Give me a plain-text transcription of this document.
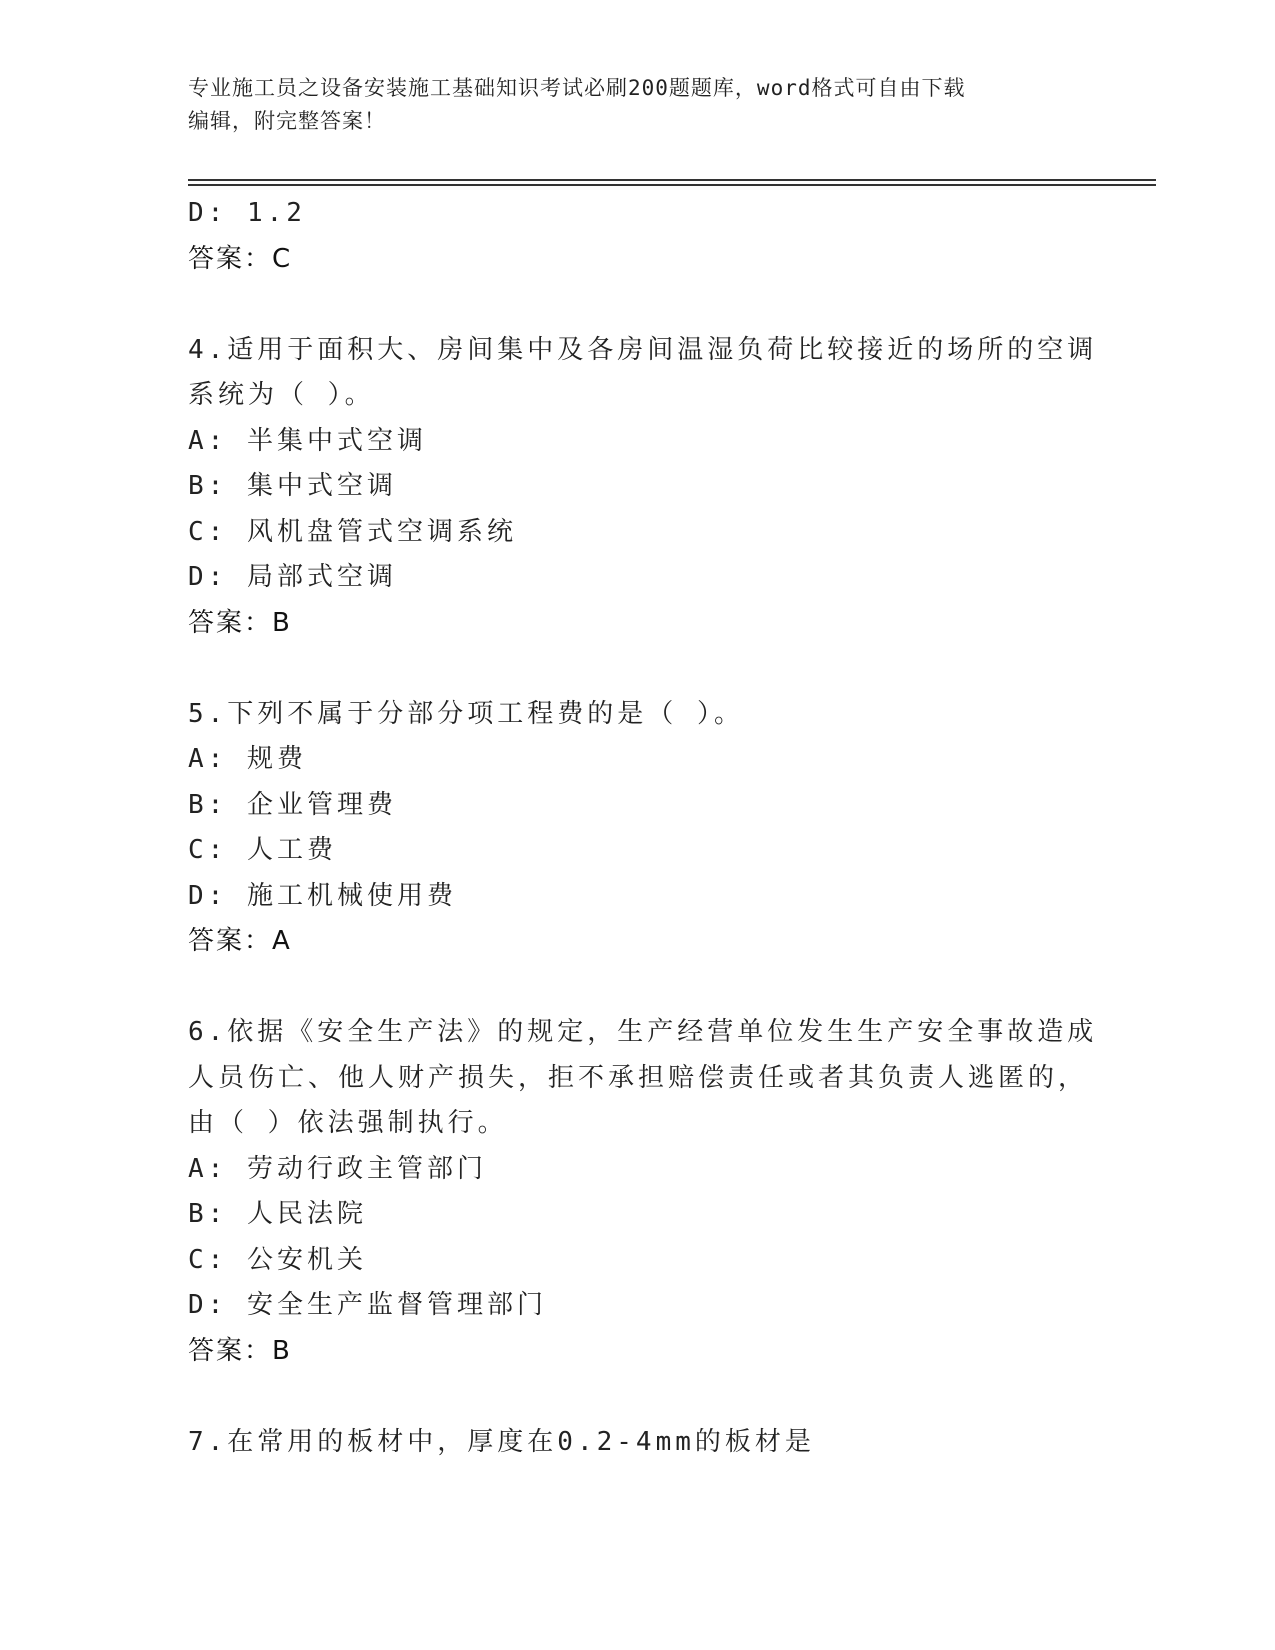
专业施工员之设备安装施工基础知识考试必刷200题题库，word格式可自由下载
编辑，附完整答案！
D: 1.2
答案：C
4.适用于面积大、房间集中及各房间温湿负荷比较接近的场所的空调
系统为（ ）。
A: 半集中式空调
B: 集中式空调
C: 风机盘管式空调系统
D: 局部式空调
答案：B
5.下列不属于分部分项工程费的是（ ）。
A: 规费
B: 企业管理费
C: 人工费
D: 施工机械使用费
答案：A
6.依据《安全生产法》的规定，生产经营单位发生生产安全事故造成
人员伤亡、他人财产损失，拒不承担赔偿责任或者其负责人逃匿的，
由（ ）依法强制执行。
A: 劳动行政主管部门
B: 人民法院
C: 公安机关
D: 安全生产监督管理部门
答案：B
7.在常用的板材中，厚度在0.2-4mm的板材是
